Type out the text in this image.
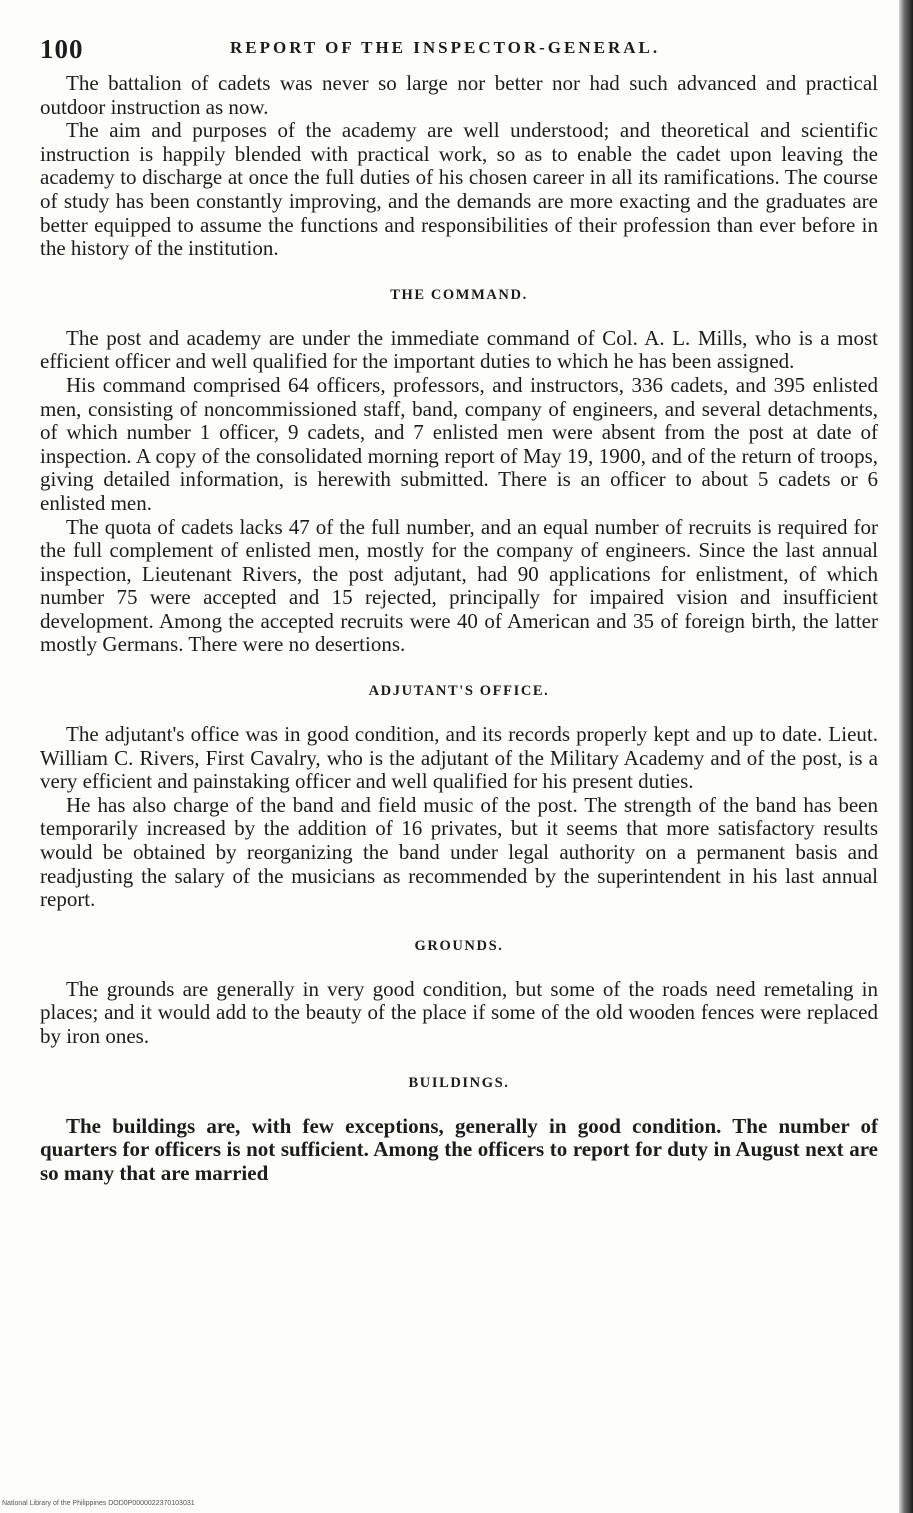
100	REPORT OF THE INSPECTOR-GENERAL.

The battalion of cadets was never so large nor better nor had such advanced and practical outdoor instruction as now.

The aim and purposes of the academy are well understood; and theoretical and scientific instruction is happily blended with practical work, so as to enable the cadet upon leaving the academy to discharge at once the full duties of his chosen career in all its ramifications. The course of study has been constantly improving, and the demands are more exacting and the graduates are better equipped to assume the functions and responsibilities of their profession than ever before in the history of the institution.

THE COMMAND.

The post and academy are under the immediate command of Col. A. L. Mills, who is a most efficient officer and well qualified for the important duties to which he has been assigned.

His command comprised 64 officers, professors, and instructors, 336 cadets, and 395 enlisted men, consisting of noncommissioned staff, band, company of engineers, and several detachments, of which number 1 officer, 9 cadets, and 7 enlisted men were absent from the post at date of inspection. A copy of the consolidated morning report of May 19, 1900, and of the return of troops, giving detailed information, is herewith submitted. There is an officer to about 5 cadets or 6 enlisted men.

The quota of cadets lacks 47 of the full number, and an equal number of recruits is required for the full complement of enlisted men, mostly for the company of engineers. Since the last annual inspection, Lieutenant Rivers, the post adjutant, had 90 applications for enlistment, of which number 75 were accepted and 15 rejected, principally for impaired vision and insufficient development. Among the accepted recruits were 40 of American and 35 of foreign birth, the latter mostly Germans. There were no desertions.

ADJUTANT'S OFFICE.

The adjutant's office was in good condition, and its records properly kept and up to date. Lieut. William C. Rivers, First Cavalry, who is the adjutant of the Military Academy and of the post, is a very efficient and painstaking officer and well qualified for his present duties.

He has also charge of the band and field music of the post. The strength of the band has been temporarily increased by the addition of 16 privates, but it seems that more satisfactory results would be obtained by reorganizing the band under legal authority on a permanent basis and readjusting the salary of the musicians as recommended by the superintendent in his last annual report.

GROUNDS.

The grounds are generally in very good condition, but some of the roads need remetaling in places; and it would add to the beauty of the place if some of the old wooden fences were replaced by iron ones.

BUILDINGS.

The buildings are, with few exceptions, generally in good condition. The number of quarters for officers is not sufficient. Among the officers to report for duty in August next are so many that are married

National Library of the Philippines DOD0P0000022370103031
